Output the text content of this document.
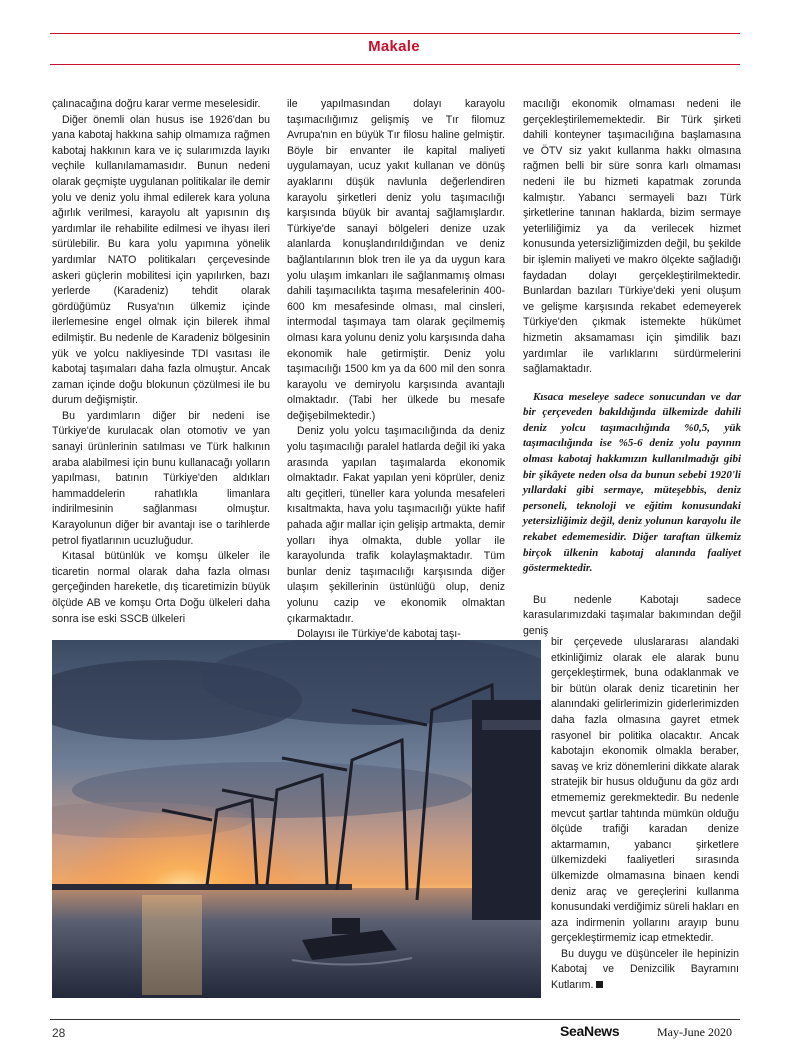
Makale

çalınacağına doğru karar verme meselesidir.

Diğer önemli olan husus ise 1926'dan bu yana kabotaj hakkına sahip olmamıza rağmen kabotaj hakkının kara ve iç sularımızda layıkı veçhile kullanılamamasıdır. Bunun nedeni olarak geçmişte uygulanan politikalar ile demir yolu ve deniz yolu ihmal edilerek kara yoluna ağırlık verilmesi, karayolu alt yapısının dış yardımlar ile rehabilite edilmesi ve ihyası ileri sürülebilir. Bu kara yolu yapımına yönelik yardımlar NATO politikaları çerçevesinde askeri güçlerin mobilitesi için yapılırken, bazı yerlerde (Karadeniz) tehdit olarak gördüğümüz Rusya'nın ülkemiz içinde ilerlemesine engel olmak için bilerek ihmal edilmiştir. Bu nedenle de Karadeniz bölgesinin yük ve yolcu nakliyesinde TDI vasıtası ile kabotaj taşımaları daha fazla olmuştur. Ancak zaman içinde doğu blokunun çözülmesi ile bu durum değişmiştir.

Bu yardımların diğer bir nedeni ise Türkiye'de kurulacak olan otomotiv ve yan sanayi ürünlerinin satılması ve Türk halkının araba alabilmesi için bunu kullanacağı yolların yapılması, batının Türkiye'den aldıkları hammaddelerin rahatlıkla limanlara indirilmesinin sağlanması olmuştur. Karayolunun diğer bir avantajı ise o tarihlerde petrol fiyatlarının ucuzluğudur.

Kıtasal bütünlük ve komşu ülkeler ile ticaretin normal olarak daha fazla olması gerçeğinden hareketle, dış ticaretimizin büyük ölçüde AB ve komşu Orta Doğu ülkeleri daha sonra ise eski SSCB ülkeleri

ile yapılmasından dolayı karayolu taşımacılığımız gelişmiş ve Tır filomuz Avrupa'nın en büyük Tır filosu haline gelmiştir. Böyle bir envanter ile kapital maliyeti uygulamayan, ucuz yakıt kullanan ve dönüş ayaklarını düşük navlunla değerlendiren karayolu şirketleri deniz yolu taşımacılığı karşısında büyük bir avantaj sağlamışlardır. Türkiye'de sanayi bölgeleri denize uzak alanlarda konuşlandırıldığından ve deniz bağlantılarının blok tren ile ya da uygun kara yolu ulaşım imkanları ile sağlanmamış olması dahili taşımacılıkta taşıma mesafelerinin 400-600 km mesafesinde olması, mal cinsleri, intermodal taşımaya tam olarak geçilmemiş olması kara yolunu deniz yolu karşısında daha ekonomik hale getirmiştir. Deniz yolu taşımacılığı 1500 km ya da 600 mil den sonra karayolu ve demiryolu karşısında avantajlı olmaktadır. (Tabi her ülkede bu mesafe değişebilmektedir.)

Deniz yolu yolcu taşımacılığında da deniz yolu taşımacılığı paralel hatlarda değil iki yaka arasında yapılan taşımalarda ekonomik olmaktadır. Fakat yapılan yeni köprüler, deniz altı geçitleri, tüneller kara yolunda mesafeleri kısaltmakta, hava yolu taşımacılığı yükte hafif pahada ağır mallar için gelişip artmakta, demir yolları ihya olmakta, duble yollar ile karayolunda trafik kolaylaşmaktadır. Tüm bunlar deniz taşımacılığı karşısında diğer ulaşım şekillerinin üstünlüğü olup, deniz yolunu cazip ve ekonomik olmaktan çıkarmaktadır.

Dolayısı ile Türkiye'de kabotaj taşı-

macılığı ekonomik olmaması nedeni ile gerçekleştirilememektedir. Bir Türk şirketi dahili konteyner taşımacılığına başlamasına ve ÖTV siz yakıt kullanma hakkı olmasına rağmen belli bir süre sonra karlı olmaması nedeni ile bu hizmeti kapatmak zorunda kalmıştır. Yabancı sermayeli bazı Türk şirketlerine tanınan haklarda, bizim sermaye yeterliliğimiz ya da verilecek hizmet konusunda yetersizliğimizden değil, bu şekilde bir işlemin maliyeti ve makro ölçekte sağladığı faydadan dolayı gerçekleştirilmektedir. Bunlardan bazıları Türkiye'deki yeni oluşum ve gelişme karşısında rekabet edemeyerek Türkiye'den çıkmak istemekte hükümet hizmetin aksamaması için şimdilik bazı yardımlar ile varlıklarını sürdürmelerini sağlamaktadır.

Kısaca meseleye sadece sonucundan ve dar bir çerçeveden bakıldığında ülkemizde dahili deniz yolcu taşımacılığında %0,5, yük taşımacılığında ise %5-6 deniz yolu payının olması kabotaj hakkımızın kullanılmadığı gibi bir şikâyete neden olsa da bunun sebebi 1920'li yıllardaki gibi sermaye, müteşebbis, deniz personeli, teknoloji ve eğitim konusundaki yetersizliğimiz değil, deniz yolunun karayolu ile rekabet edememesidir. Diğer taraftan ülkemiz birçok ülkenin kabotaj alanında faaliyet göstermektedir.

Bu nedenle Kabotajı sadece karasularımızdaki taşımalar bakımından değil geniş

bir çerçevede uluslararası alandaki etkinliğimiz olarak ele alarak bunu gerçekleştirmek, buna odaklanmak ve bir bütün olarak deniz ticaretinin her alanındaki gelirlerimizin giderlerimizden daha fazla olmasına gayret etmek rasyonel bir politika olacaktır. Ancak kabotajın ekonomik olmakla beraber, savaş ve kriz dönemlerini dikkate alarak stratejik bir husus olduğunu da göz ardı etmememiz gerekmektedir. Bu nedenle mevcut şartlar tahtında mümkün olduğu ölçüde trafiği karadan denize aktarmamın, yabancı şirketlere ülkemizdeki faaliyetleri sırasında ülkemizde olmamasına binaen kendi deniz araç ve gereçlerini kullanma konusundaki verdiğimiz süreli hakları en aza indirmenin yollarını arayıp bunu gerçekleştirmemiz icap etmektedir.

Bu duygu ve düşünceler ile hepinizin Kabotaj ve Denizcilik Bayramını Kutlarım.

28	SeaNews	May-June 2020
